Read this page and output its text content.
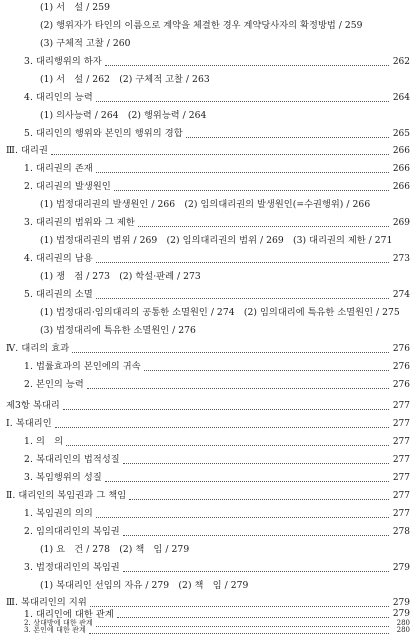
(1) 서　설 / 259
(2) 행위자가 타인의 이름으로 계약을 체결한 경우 계약당사자의 확정방법 / 259
(3) 구체적 고찰 / 260
3. 대리행위의 하자	262
(1) 서　설 / 262　(2) 구체적 고찰 / 263
4. 대리인의 능력	264
(1) 의사능력 / 264　(2) 행위능력 / 264
5. 대리인의 행위와 본인의 행위의 경합	265
Ⅲ. 대리권	266
1. 대리권의 존재	266
2. 대리권의 발생원인	266
(1) 법정대리권의 발생원인 / 266　(2) 임의대리권의 발생원인(=수권행위) / 266
3. 대리권의 범위와 그 제한	269
(1) 법정대리권의 범위 / 269　(2) 임의대리권의 범위 / 269　(3) 대리권의 제한 / 271
4. 대리권의 남용	273
(1) 쟁　점 / 273　(2) 학설·판례 / 273
5. 대리권의 소멸	274
(1) 법정대리·임의대리의 공통한 소멸원인 / 274　(2) 임의대리에 특유한 소멸원인 / 275
(3) 법정대리에 특유한 소멸원인 / 276
Ⅳ. 대리의 효과	276
1. 법률효과의 본인에의 귀속	276
2. 본인의 능력	276
제3항 복대리	277
Ⅰ. 복대리인	277
1. 의　의	277
2. 복대리인의 법적성질	277
3. 복임행위의 성질	277
Ⅱ. 대리인의 복임권과 그 책임	277
1. 복임권의 의의	277
2. 임의대리인의 복임권	278
(1) 요　건 / 278　(2) 책　임 / 279
3. 법정대리인의 복임권	279
(1) 복대리인 선임의 자유 / 279　(2) 책　임 / 279
Ⅲ. 복대리인의 지위	279
1. 대리인에 대한 관계	279
2. 상대방에 대한 관계	280
3. 본인에 대한 관계	280
